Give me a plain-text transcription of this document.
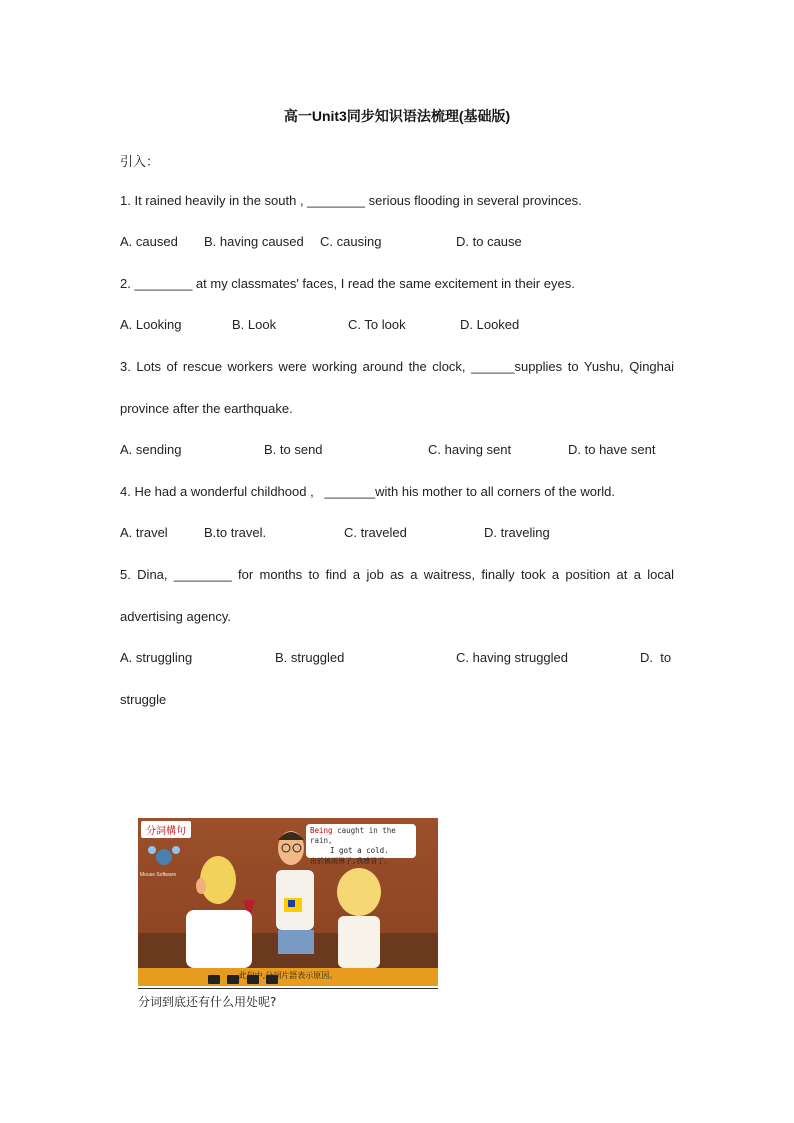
高一Unit3同步知识语法梳理(基础版)
引入：
1. It rained heavily in the south , ________ serious flooding in several provinces.
A. caused B. having caused C. causing	D. to cause
2. ________ at my classmates' faces, I read the same excitement in their eyes.
A. Looking	B. Look	C. To look	D. Looked
3. Lots of rescue workers were working around the clock, ______supplies to Yushu, Qinghai
province after the earthquake.
A. sending	B. to send	C. having sent	D. to have sent
4. He had a wonderful childhood ,   _______with his mother to all corners of the world.
A. travel	B.to travel.	C. traveled	D. traveling
5. Dina, ________ for months to find a job as a waitress, finally took a position at a local
advertising agency.
A. struggling	B. struggled	C. having struggled	D.  to
struggle
分詞構句
Mouse Software
Being caught in the rain,
I got a cold.
由於被雨淋了,我感冒了。

此句中,分詞片語表示原因。
分词到底还有什么用处呢?
